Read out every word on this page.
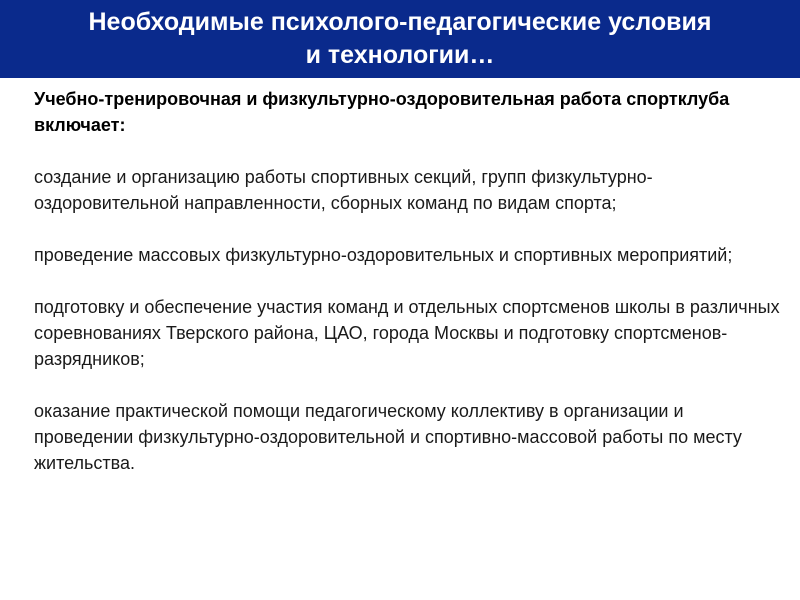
Необходимые психолого-педагогические условия
и технологии…

Учебно-тренировочная и физкультурно-оздоровительная работа спортклуба включает:

создание и организацию работы спортивных секций, групп физкультурно-оздоровительной направленности, сборных команд по видам спорта;

проведение массовых физкультурно-оздоровительных и спортивных мероприятий;

подготовку и обеспечение участия команд и отдельных спортсменов школы в различных соревнованиях Тверского района, ЦАО, города Москвы и подготовку спортсменов-разрядников;

оказание практической помощи педагогическому коллективу в организации и проведении физкультурно-оздоровительной и спортивно-массовой работы по месту жительства.
